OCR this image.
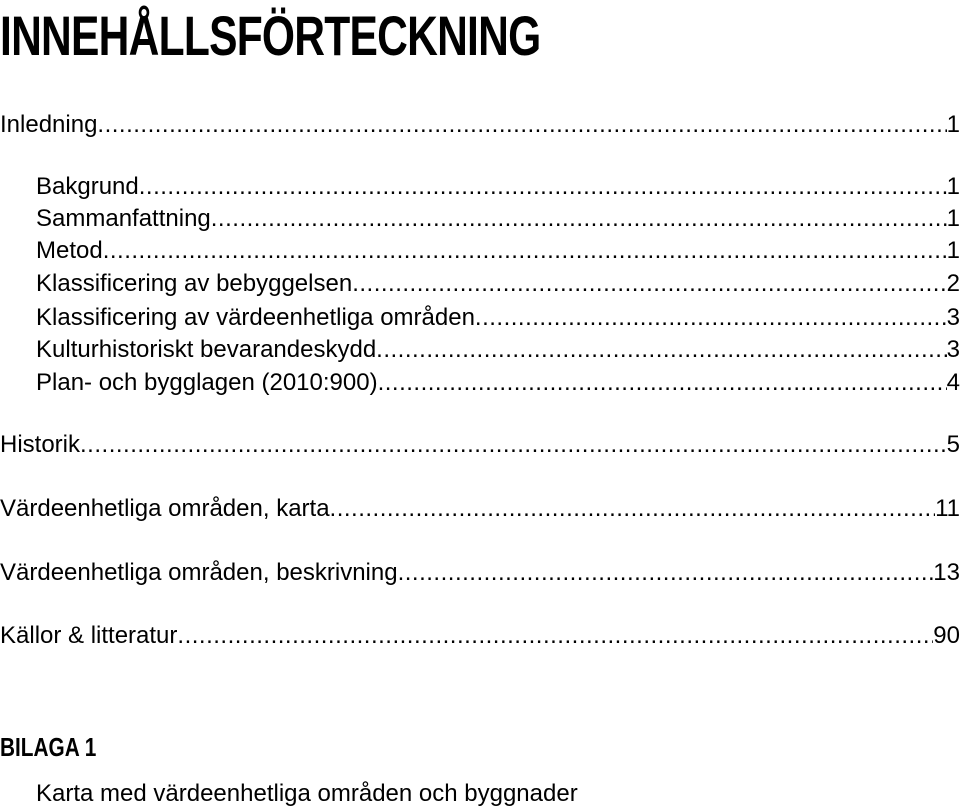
INNEHÅLLSFÖRTECKNING
Inledning .....	1
Bakgrund .....	1
Sammanfattning .....	1
Metod .....	1
Klassificering av bebyggelsen .....	2
Klassificering av värdeenhetliga områden .....	3
Kulturhistoriskt bevarandeskydd .....	3
Plan- och bygglagen (2010:900) .....	4
Historik .....	5
Värdeenhetliga områden, karta .....	11
Värdeenhetliga områden, beskrivning .....	13
Källor & litteratur .....	90
BILAGA 1
Karta med värdeenhetliga områden och byggnader
